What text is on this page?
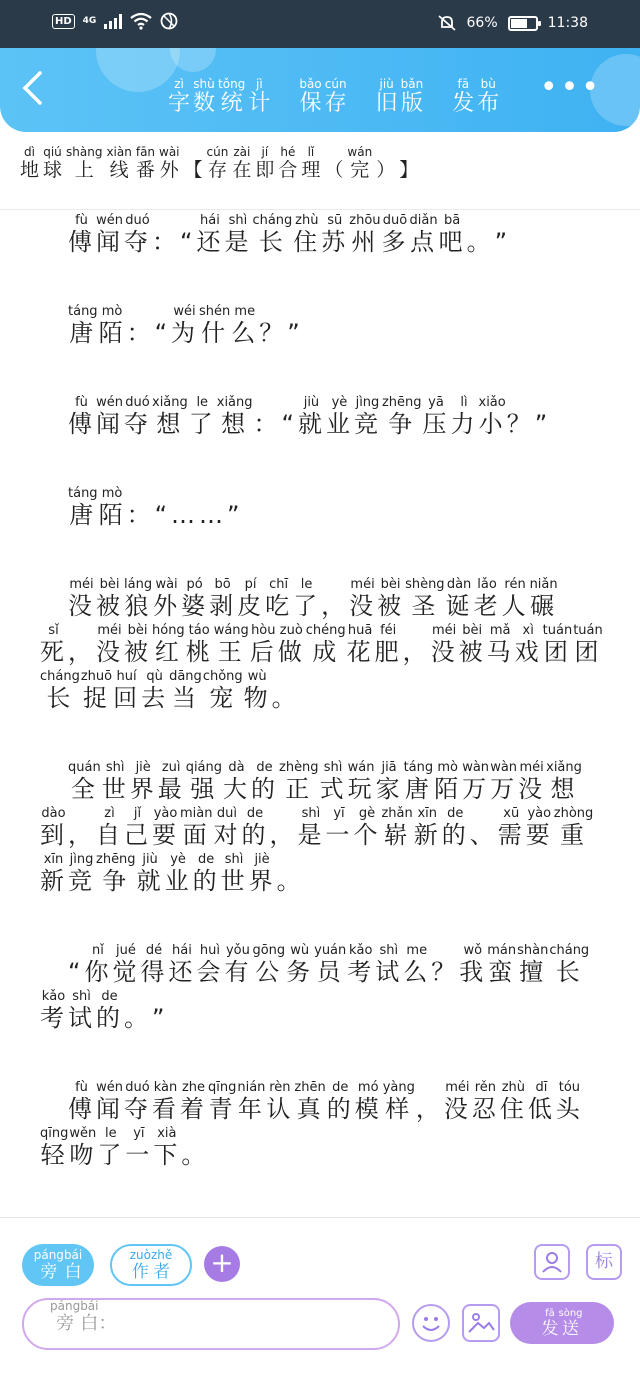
HD	4G	66%	11:38
字zì
数shù
统tǒng
计jì
保bǎo
存cún
旧jiù
版bǎn
发fā
布bù •••
地dì球qiú上shàng线xiàn番fān外wài【 存cún在zài即jí合hé理lǐ（ 完wán） 】

　傅fù闻wén夺duó：“还hái是shì长cháng住zhù苏sū州zhōu多duō点diǎn吧bā。”

　唐táng陌mò：“为wéi什shén么me？”

　傅fù闻wén夺duó想xiǎng了le想xiǎng：“就jiù业yè竞jìng争zhēng压yā力lì小xiǎo？”

　唐táng陌mò：“……”

　没méi被bèi狼láng外wài婆pó剥bō皮pí吃chī了le，没méi被bèi圣shèng诞dàn老lǎo人rén碾niǎn死sǐ，没méi被bèi红hóng桃táo王wáng后hòu做zuò成chéng花huā肥féi，没méi被bèi马mǎ戏xì团tuán团tuán长cháng捉zhuō回huí去qù当dāng宠chǒng物wù。

　全quán世shì界jiè最zuì强qiáng大dà的de正zhèng式shì玩wán家jiā唐táng陌mò万wàn万wàn没méi想xiǎng到dào，自zì己jǐ要yào面miàn对duì的de，是shì一yī个gè崭zhǎn新xīn的de、需xū要yào重zhòng新xīn竞jìng争zhēng就jiù业yè的de世shì界jiè。

　“你nǐ觉jué得dé还hái会huì有yǒu公gōng务wù员yuán考kǎo试shì么me？我wǒ蛮mán擅shàn长cháng考kǎo试shì的de。”

　傅fù闻wén夺duó看kàn着zhe青qīng年nián认rèn真zhēn的de模mó样yàng，没méi忍rěn住zhù低dī头tóu轻qīng吻wěn了le一yī下xià。

旁páng
白bái
作zuò
者zhě +	标
旁páng白bái：	发fā
送sòng
